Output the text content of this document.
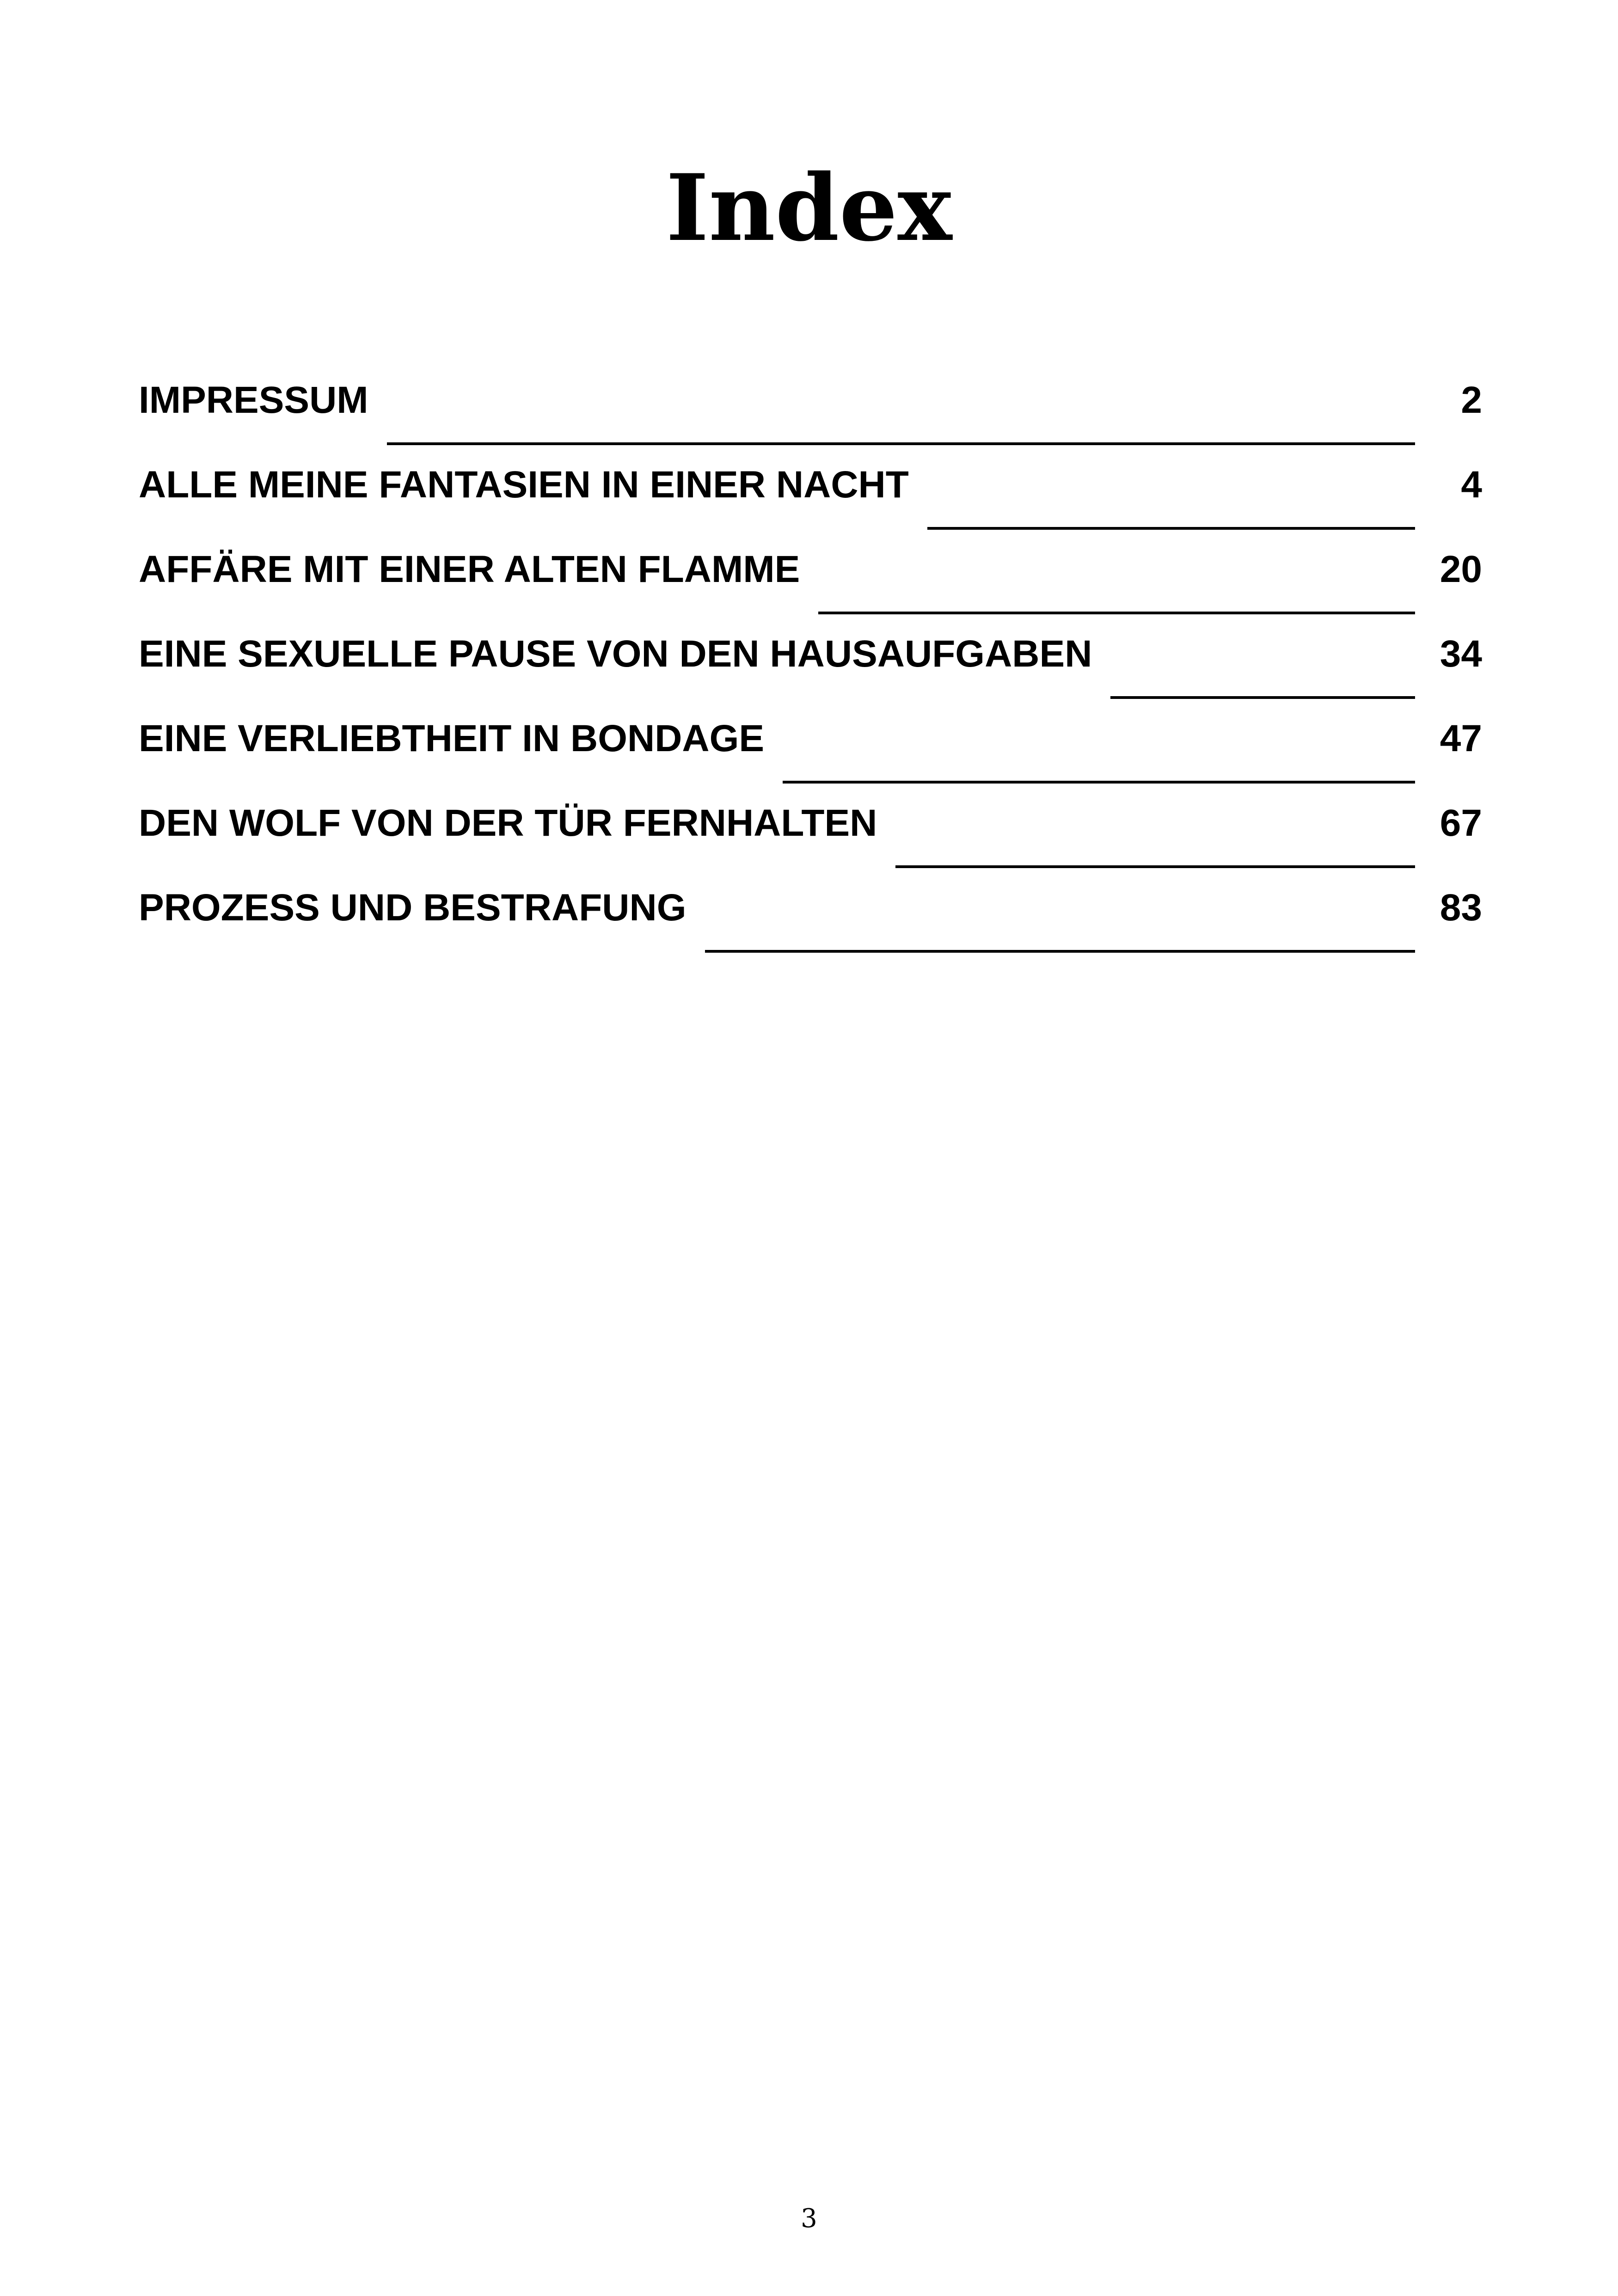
Index
IMPRESSUM	2
ALLE MEINE FANTASIEN IN EINER NACHT	4
AFFÄRE MIT EINER ALTEN FLAMME	20
EINE SEXUELLE PAUSE VON DEN HAUSAUFGABEN	34
EINE VERLIEBTHEIT IN BONDAGE	47
DEN WOLF VON DER TÜR FERNHALTEN	67
PROZESS UND BESTRAFUNG	83
3
